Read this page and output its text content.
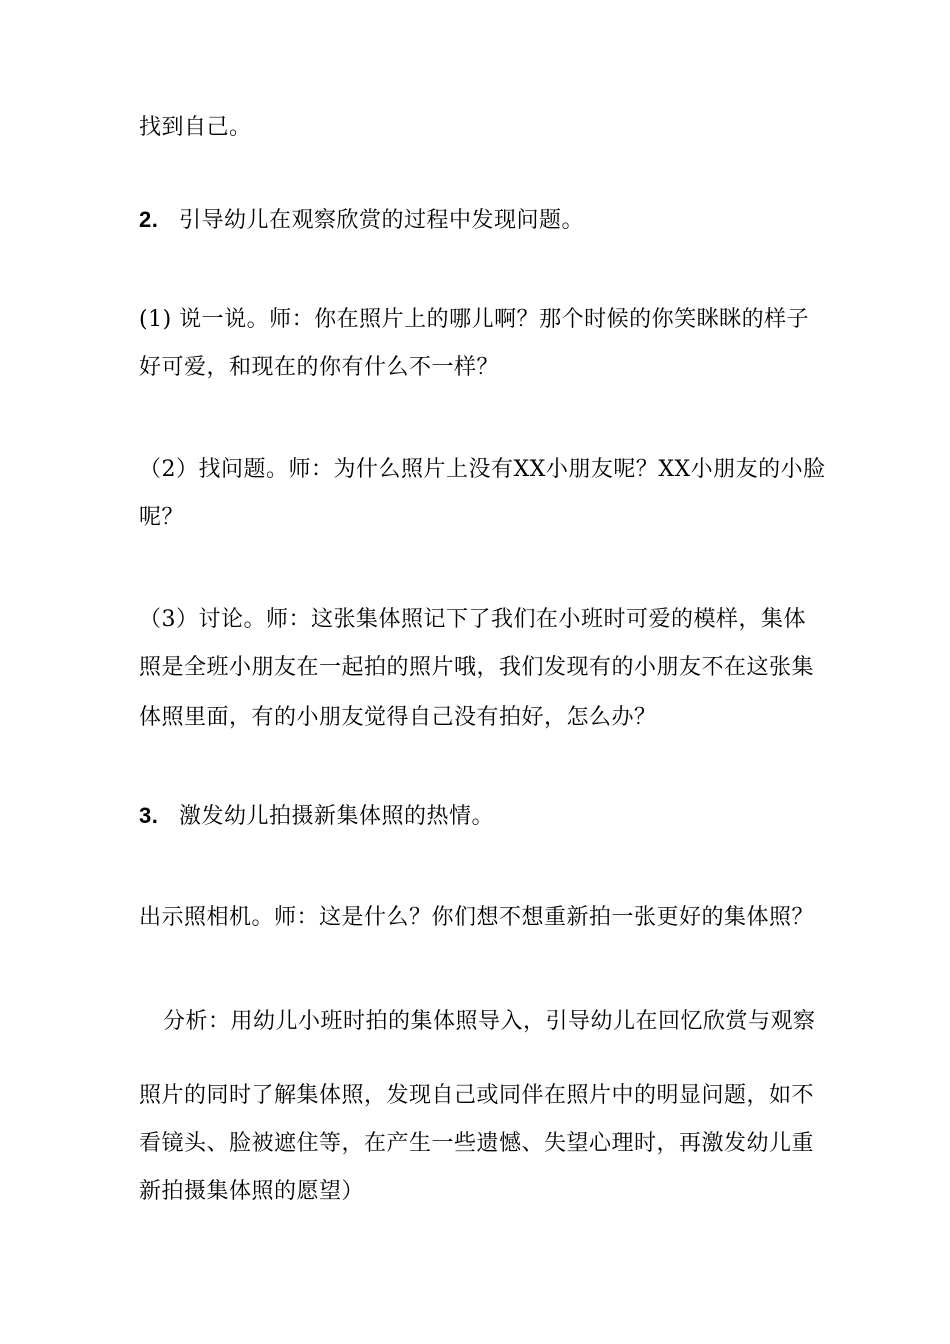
找到自己。
2. 引导幼儿在观察欣赏的过程中发现问题。
(1) 说一说。师：你在照片上的哪儿啊？那个时候的你笑眯眯的样子
好可爱，和现在的你有什么不一样？
（2）找问题。师：为什么照片上没有XX小朋友呢？XX小朋友的小脸
呢？
（3）讨论。师：这张集体照记下了我们在小班时可爱的模样，集体
照是全班小朋友在一起拍的照片哦，我们发现有的小朋友不在这张集
体照里面，有的小朋友觉得自己没有拍好，怎么办？
3. 激发幼儿拍摄新集体照的热情。
出示照相机。师：这是什么？你们想不想重新拍一张更好的集体照？
分析：用幼儿小班时拍的集体照导入，引导幼儿在回忆欣赏与观察
照片的同时了解集体照，发现自己或同伴在照片中的明显问题，如不
看镜头、脸被遮住等，在产生一些遗憾、失望心理时，再激发幼儿重
新拍摄集体照的愿望）
